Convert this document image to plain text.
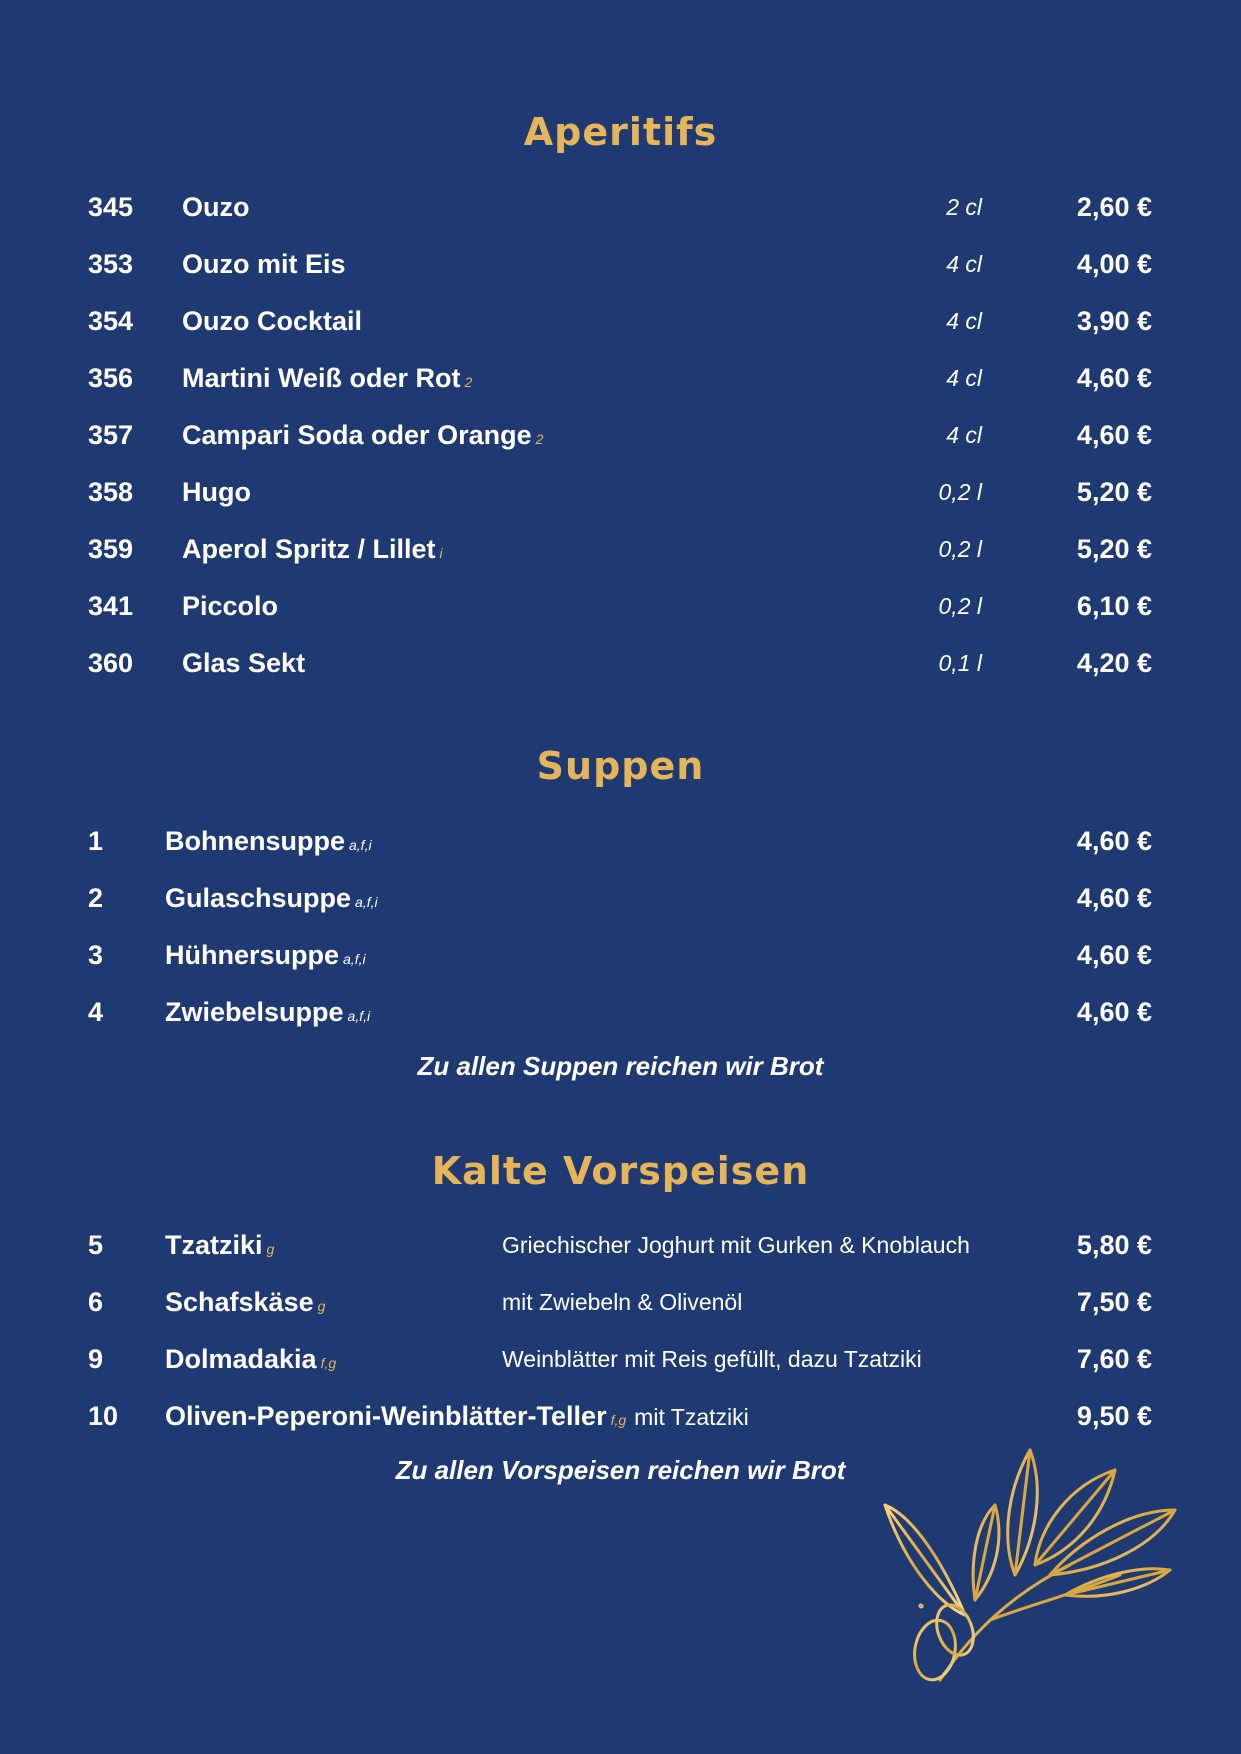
Aperitifs
345 Ouzo	2 cl	2,60 €
353 Ouzo mit Eis	4 cl	4,00 €
354 Ouzo Cocktail	4 cl	3,90 €
356 Martini Weiß oder Rot 2	4 cl	4,60 €
357 Campari Soda oder Orange 2	4 cl	4,60 €
358 Hugo	0,2 l	5,20 €
359 Aperol Spritz / Lillet i	0,2 l	5,20 €
341 Piccolo	0,2 l	6,10 €
360 Glas Sekt	0,1 l	4,20 €
Suppen
1 Bohnensuppe a,f,i	4,60 €
2 Gulaschsuppe a,f,i	4,60 €
3 Hühnersuppe a,f,i	4,60 €
4 Zwiebelsuppe a,f,i	4,60 €
Zu allen Suppen reichen wir Brot
Kalte Vorspeisen
5 Tzatziki g	Griechischer Joghurt mit Gurken & Knoblauch	5,80 €
6 Schafskäse g	mit Zwiebeln & Olivenöl	7,50 €
9 Dolmadakia f,g	Weinblätter mit Reis gefüllt, dazu Tzatziki	7,60 €
10 Oliven-Peperoni-Weinblätter-Teller f,g mit Tzatziki	9,50 €
Zu allen Vorspeisen reichen wir Brot
